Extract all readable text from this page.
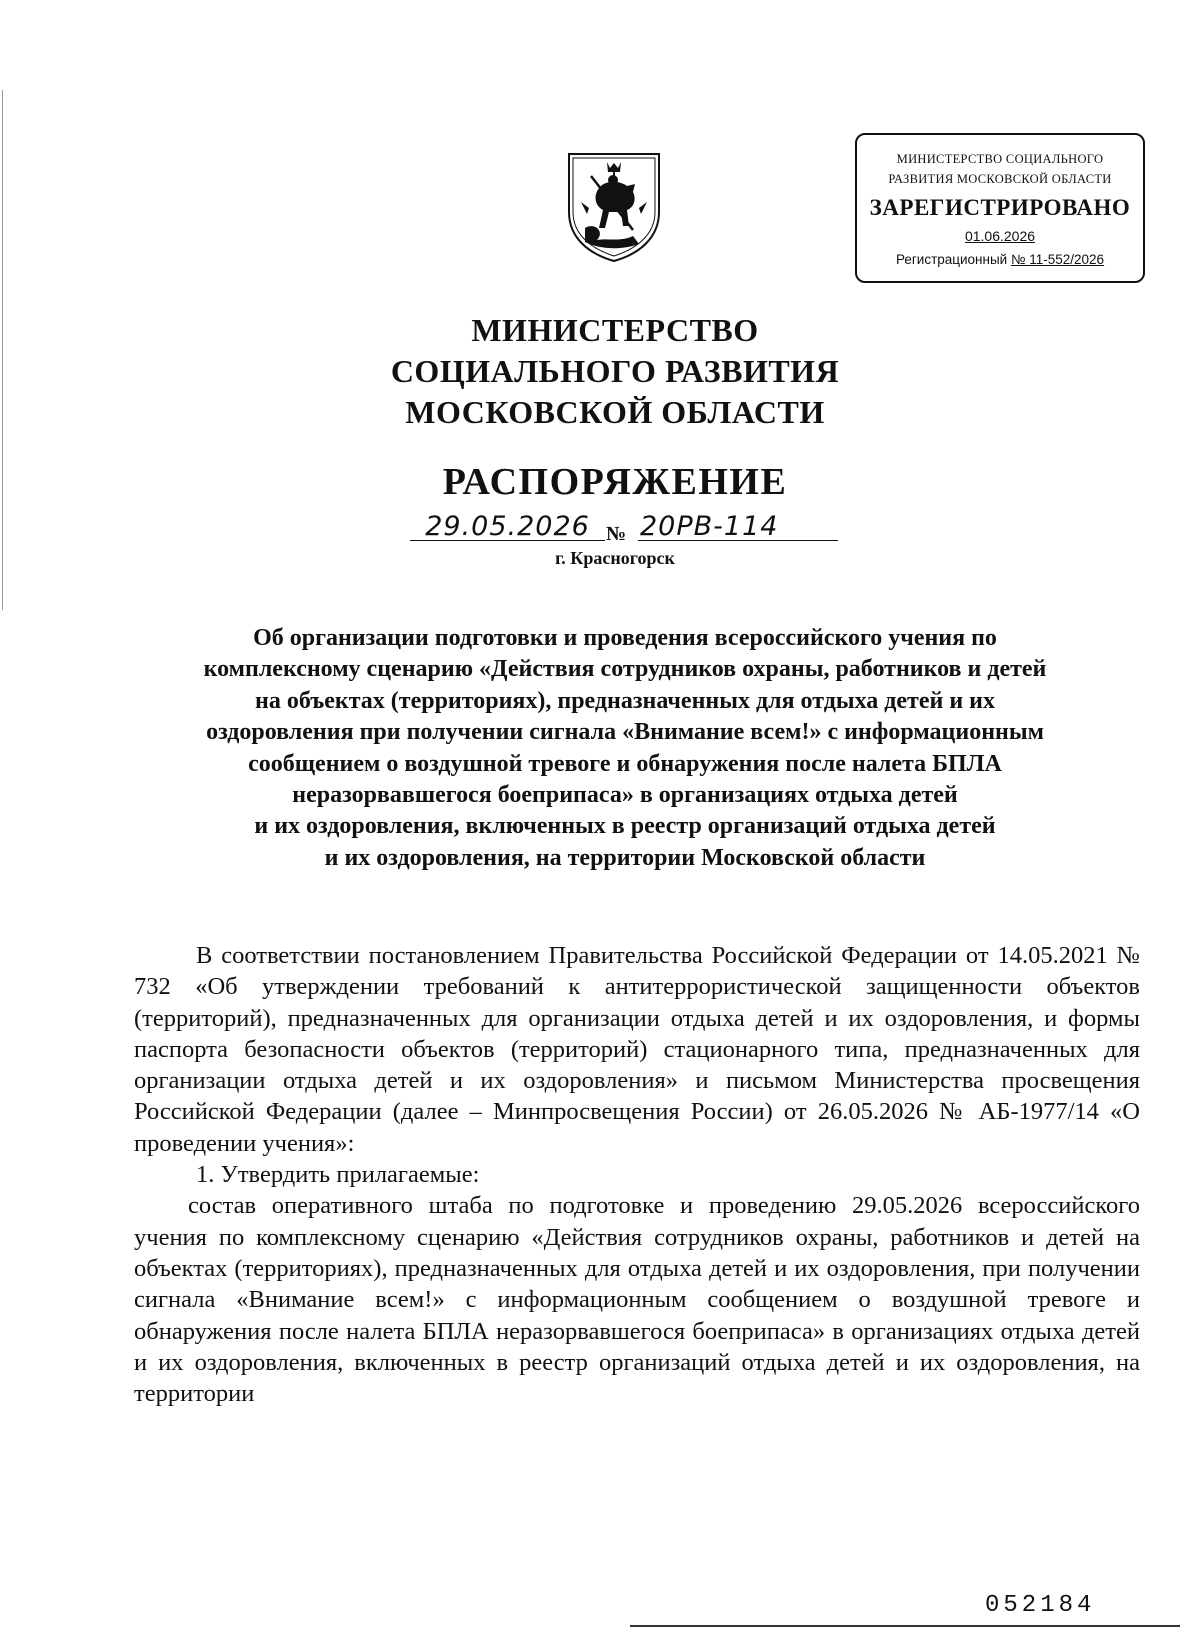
МИНИСТЕРСТВО СОЦИАЛЬНОГО
РАЗВИТИЯ МОСКОВСКОЙ ОБЛАСТИ
ЗАРЕГИСТРИРОВАНО
01.06.2026
Регистрационный № 11-552/2026
МИНИСТЕРСТВО
СОЦИАЛЬНОГО РАЗВИТИЯ
МОСКОВСКОЙ ОБЛАСТИ
РАСПОРЯЖЕНИЕ
29.05.2026 № 20РВ-114
г. Красногорск
Об организации подготовки и проведения всероссийского учения по
комплексному сценарию «Действия сотрудников охраны, работников и детей
на объектах (территориях), предназначенных для отдыха детей и их
оздоровления при получении сигнала «Внимание всем!» с информационным
сообщением о воздушной тревоге и обнаружения после налета БПЛА
неразорвавшегося боеприпаса» в организациях отдыха детей
и их оздоровления, включенных в реестр организаций отдыха детей
и их оздоровления, на территории Московской области

В соответствии постановлением Правительства Российской Федерации от 14.05.2021 № 732 «Об утверждении требований к антитеррористической защищенности объектов (территорий), предназначенных для организации отдыха детей и их оздоровления, и формы паспорта безопасности объектов (территорий) стационарного типа, предназначенных для организации отдыха детей и их оздоровления» и письмом Министерства просвещения Российской Федерации (далее – Минпросвещения России) от 26.05.2026 № АБ-1977/14 «О проведении учения»:

1. Утвердить прилагаемые:

состав оперативного штаба по подготовке и проведению 29.05.2026 всероссийского учения по комплексному сценарию «Действия сотрудников охраны, работников и детей на объектах (территориях), предназначенных для отдыха детей и их оздоровления, при получении сигнала «Внимание всем!» с информационным сообщением о воздушной тревоге и обнаружения после налета БПЛА неразорвавшегося боеприпаса» в организациях отдыха детей и их оздоровления, включенных в реестр организаций отдыха детей и их оздоровления, на территории

052184
